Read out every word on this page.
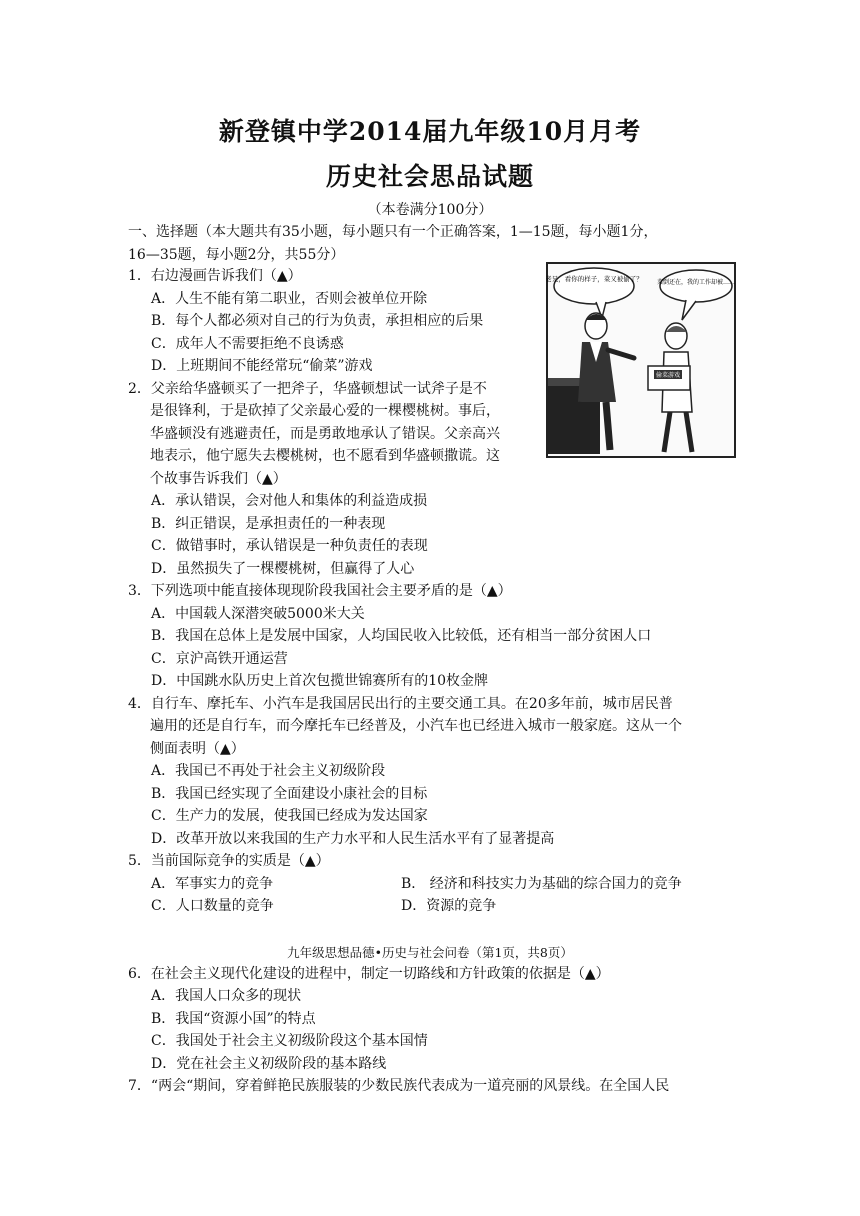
新登镇中学2014届九年级10月月考
历史社会思品试题
（本卷满分100分）
一、选择题（本大题共有35小题，每小题只有一个正确答案，1—15题，每小题1分，
16—35题，每小题2分，共55分）
老兄，看你的样子，菜又被偷了？ 菜倒还在，我的工作却被……
偷菜游戏
1．右边漫画告诉我们（▲）
A．人生不能有第二职业，否则会被单位开除
B．每个人都必须对自己的行为负责，承担相应的后果
C．成年人不需要拒绝不良诱惑
D．上班期间不能经常玩“偷菜”游戏
2．父亲给华盛顿买了一把斧子，华盛顿想试一试斧子是不
是很锋利，于是砍掉了父亲最心爱的一棵樱桃树。事后，
华盛顿没有逃避责任，而是勇敢地承认了错误。父亲高兴
地表示，他宁愿失去樱桃树，也不愿看到华盛顿撒谎。这
个故事告诉我们（▲）
A．承认错误，会对他人和集体的利益造成损
B．纠正错误，是承担责任的一种表现
C．做错事时，承认错误是一种负责任的表现
D．虽然损失了一棵樱桃树，但赢得了人心
3．下列选项中能直接体现现阶段我国社会主要矛盾的是（▲）
A．中国载人深潜突破5000米大关
B．我国在总体上是发展中国家，人均国民收入比较低，还有相当一部分贫困人口
C．京沪高铁开通运营
D．中国跳水队历史上首次包揽世锦赛所有的10枚金牌
4．自行车、摩托车、小汽车是我国居民出行的主要交通工具。在20多年前，城市居民普
遍用的还是自行车，而今摩托车已经普及，小汽车也已经进入城市一般家庭。这从一个
侧面表明（▲）
A．我国已不再处于社会主义初级阶段
B．我国已经实现了全面建设小康社会的目标
C．生产力的发展，使我国已经成为发达国家
D．改革开放以来我国的生产力水平和人民生活水平有了显著提高
5．当前国际竞争的实质是（▲）
A．军事实力的竞争	B． 经济和科技实力为基础的综合国力的竞争
C．人口数量的竞争	D．资源的竞争
九年级思想品德•历史与社会问卷（第1页，共8页）
6．在社会主义现代化建设的进程中，制定一切路线和方针政策的依据是（▲）
A．我国人口众多的现状
B．我国“资源小国”的特点
C．我国处于社会主义初级阶段这个基本国情
D．党在社会主义初级阶段的基本路线
7．“两会“期间，穿着鲜艳民族服装的少数民族代表成为一道亮丽的风景线。在全国人民
